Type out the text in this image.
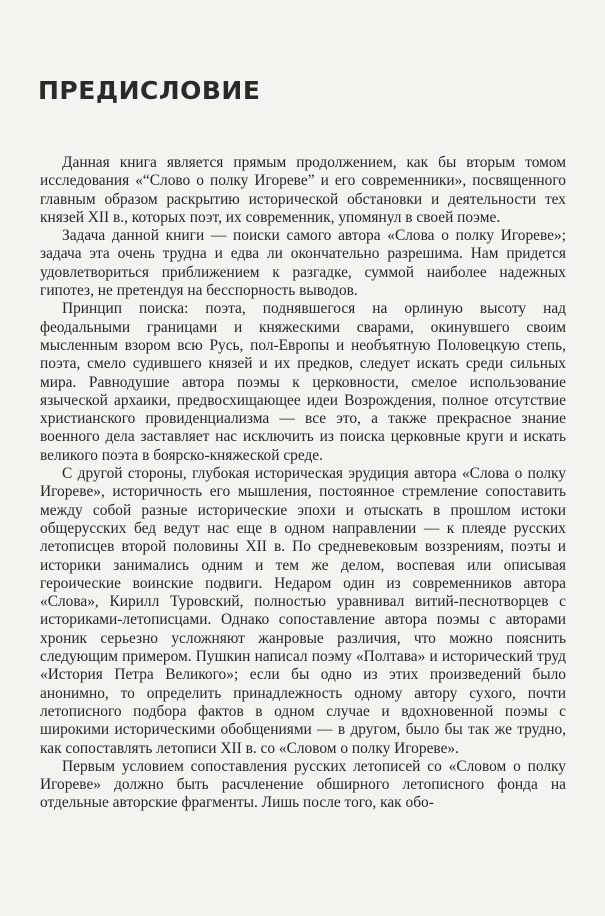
ПРЕДИСЛОВИЕ

Данная книга является прямым продолжением, как бы вторым томом исследования «“Слово о полку Игореве” и его современники», посвященного главным образом раскрытию исторической обстановки и деятельности тех князей XII в., которых поэт, их современник, упомянул в своей поэме.

Задача данной книги — поиски самого автора «Слова о полку Игореве»; задача эта очень трудна и едва ли окончательно разрешима. Нам придется удовлетвориться приближением к разгадке, суммой наиболее надежных гипотез, не претендуя на бесспорность выводов.

Принцип поиска: поэта, поднявшегося на орлиную высоту над феодальными границами и княжескими сварами, окинувшего своим мысленным взором всю Русь, пол-Европы и необъятную Половецкую степь, поэта, смело судившего князей и их предков, следует искать среди сильных мира. Равнодушие автора поэмы к церковности, смелое использование языческой архаики, предвосхищающее идеи Возрождения, полное отсутствие христианского провиденциализма — все это, а также прекрасное знание военного дела заставляет нас исключить из поиска церковные круги и искать великого поэта в боярско-княжеской среде.

С другой стороны, глубокая историческая эрудиция автора «Слова о полку Игореве», историчность его мышления, постоянное стремление сопоставить между собой разные исторические эпохи и отыскать в прошлом истоки общерусских бед ведут нас еще в одном направлении — к плеяде русских летописцев второй половины XII в. По средневековым воззрениям, поэты и историки занимались одним и тем же делом, воспевая или описывая героические воинские подвиги. Недаром один из современников автора «Слова», Кирилл Туровский, полностью уравнивал витий-песнотворцев с историками-летописцами. Однако сопоставление автора поэмы с авторами хроник серьезно усложняют жанровые различия, что можно пояснить следующим примером. Пушкин написал поэму «Полтава» и исторический труд «История Петра Великого»; если бы одно из этих произведений было анонимно, то определить принадлежность одному автору сухого, почти летописного подбора фактов в одном случае и вдохновенной поэмы с широкими историческими обобщениями — в другом, было бы так же трудно, как сопоставлять летописи XII в. со «Словом о полку Игореве».

Первым условием сопоставления русских летописей со «Словом о полку Игореве» должно быть расчленение обширного летописного фонда на отдельные авторские фрагменты. Лишь после того, как обо-
